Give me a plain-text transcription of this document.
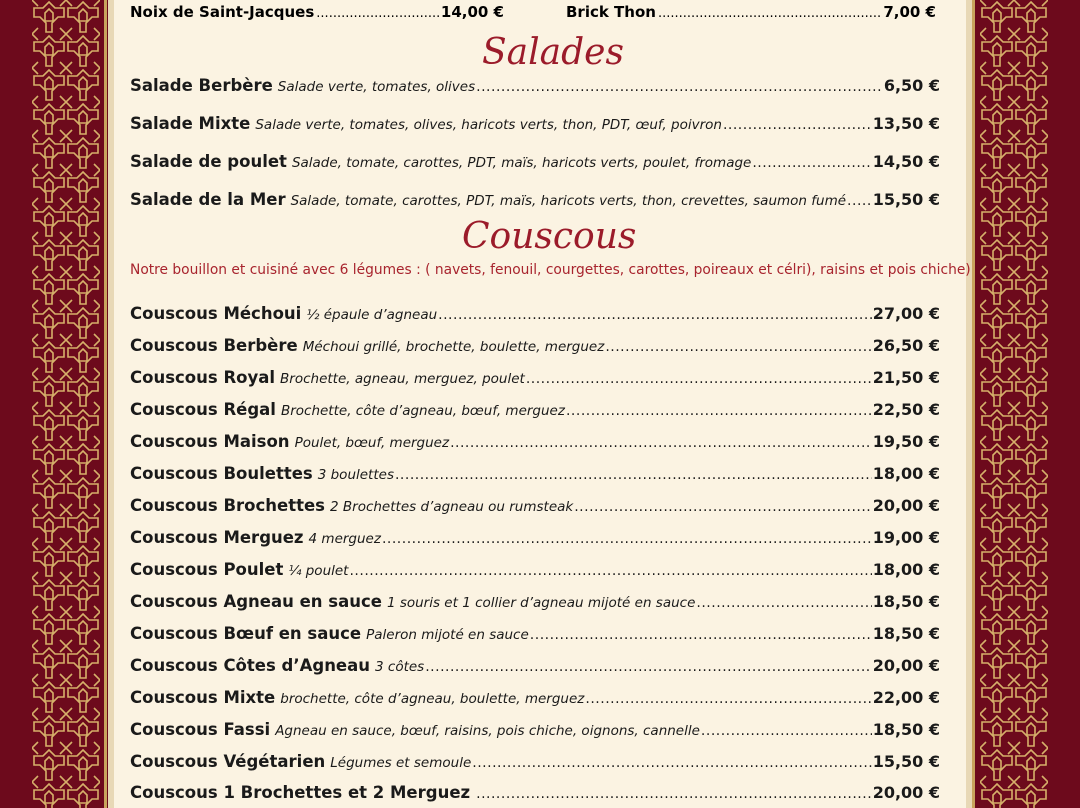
Noix de Saint-Jacques .....	14,00 €	Brick Thon .....	7,00 €
Salades
Salade Berbère Salade verte, tomates, olives .....	6,50 €
Salade Mixte Salade verte, tomates, olives, haricots verts, thon, PDT, œuf, poivron .....	13,50 €
Salade de poulet Salade, tomate, carottes, PDT, maïs, haricots verts, poulet, fromage .....	14,50 €
Salade de la Mer Salade, tomate, carottes, PDT, maïs, haricots verts, thon, crevettes, saumon fumé ..... 15,50 €
Couscous
Notre bouillon et cuisiné avec 6 légumes : ( navets, fenouil, courgettes, carottes, poireaux et célri), raisins et pois chiche)
Couscous Méchoui ½ épaule d’agneau .....	27,00 €
Couscous Berbère Méchoui grillé, brochette, boulette, merguez .....	26,50 €
Couscous Royal Brochette, agneau, merguez, poulet .....	21,50 €
Couscous Régal Brochette, côte d’agneau, bœuf, merguez .....	22,50 €
Couscous Maison Poulet, bœuf, merguez .....	19,50 €
Couscous Boulettes 3 boulettes .....	18,00 €
Couscous Brochettes 2 Brochettes d’agneau ou rumsteak .....	20,00 €
Couscous Merguez 4 merguez .....	19,00 €
Couscous Poulet ¼ poulet .....	18,00 €
Couscous Agneau en sauce 1 souris et 1 collier d’agneau mijoté en sauce .....	18,50 €
Couscous Bœuf en sauce Paleron mijoté en sauce .....	18,50 €
Couscous Côtes d’Agneau 3 côtes .....	20,00 €
Couscous Mixte brochette, côte d’agneau, boulette, merguez .....	22,00 €
Couscous Fassi Agneau en sauce, bœuf, raisins, pois chiche, oignons, cannelle .....	18,50 €
Couscous Végétarien Légumes et semoule .....	15,50 €
Couscous 1 Brochettes et 2 Merguez .....	20,00 €
